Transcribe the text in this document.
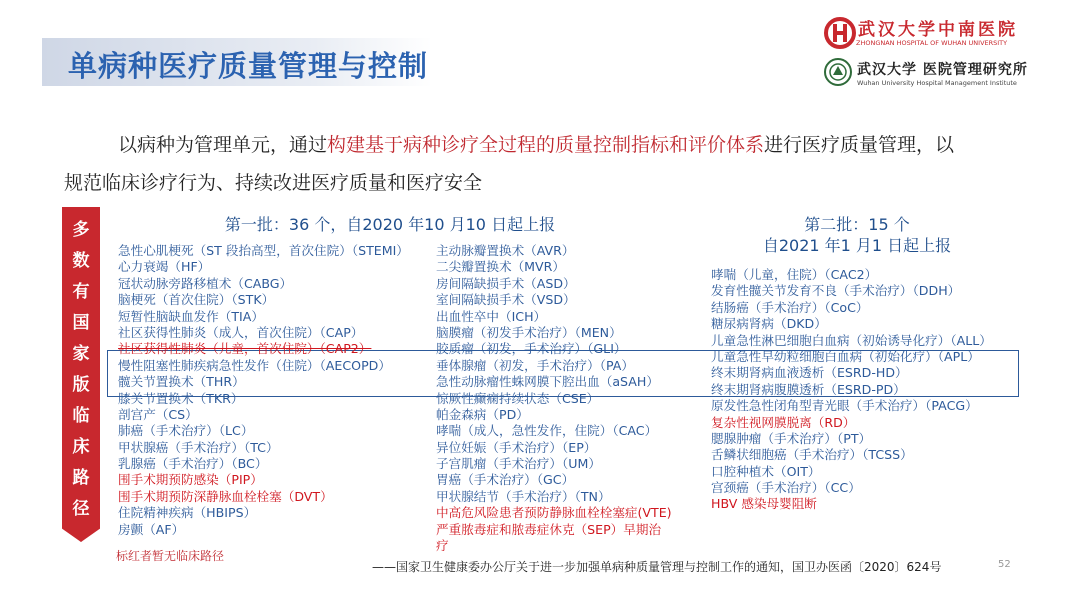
单病种医疗质量管理与控制
武汉大学中南医院
ZHONGNAN HOSPITAL OF WUHAN UNIVERSITY
武汉大学 医院管理研究所
Wuhan University Hospital Management Institute
以病种为管理单元，通过构建基于病种诊疗全过程的质量控制指标和评价体系进行医疗质量管理，以
规范临床诊疗行为、持续改进医疗质量和医疗安全
多
数
有
国
家
版
临
床
路
径
第一批：36 个，自2020 年10 月10 日起上报	第二批：15 个
自2021 年1 月1 日起上报
急性心肌梗死（ST 段抬高型，首次住院）（STEMI）
心力衰竭（HF）
冠状动脉旁路移植术（CABG）
脑梗死（首次住院）（STK）
短暂性脑缺血发作（TIA）
社区获得性肺炎（成人，首次住院）（CAP）
社区获得性肺炎（儿童，首次住院）（CAP2）
慢性阻塞性肺疾病急性发作（住院）（AECOPD）
髋关节置换术（THR）
膝关节置换术（TKR）
剖宫产（CS）
肺癌（手术治疗）（LC）
甲状腺癌（手术治疗）（TC）
乳腺癌（手术治疗）（BC）
围手术期预防感染（PIP）
围手术期预防深静脉血栓栓塞（DVT）
住院精神疾病（HBIPS）
房颤（AF）
主动脉瓣置换术（AVR）
二尖瓣置换术（MVR）
房间隔缺损手术（ASD）
室间隔缺损手术（VSD）
出血性卒中（ICH）
脑膜瘤（初发手术治疗）（MEN）
胶质瘤（初发，手术治疗）（GLI）
垂体腺瘤（初发，手术治疗）（PA）
急性动脉瘤性蛛网膜下腔出血（aSAH）
惊厥性癫痫持续状态（CSE）
帕金森病（PD）
哮喘（成人，急性发作，住院）（CAC）
异位妊娠（手术治疗）（EP）
子宫肌瘤（手术治疗）（UM）
胃癌（手术治疗）（GC）
甲状腺结节（手术治疗）（TN）
中高危风险患者预防静脉血栓栓塞症(VTE)
严重脓毒症和脓毒症休克（SEP）早期治
疗
哮喘（儿童，住院）（CAC2）
发育性髋关节发育不良（手术治疗）（DDH）
结肠癌（手术治疗）（CoC）
糖尿病肾病（DKD）
儿童急性淋巴细胞白血病（初始诱导化疗）（ALL）
儿童急性早幼粒细胞白血病（初始化疗）（APL）
终末期肾病血液透析（ESRD-HD）
终末期肾病腹膜透析（ESRD-PD）
原发性急性闭角型青光眼（手术治疗）（PACG）
复杂性视网膜脱离（RD）
腮腺肿瘤（手术治疗）（PT）
舌鳞状细胞癌（手术治疗）（TCSS）
口腔种植术（OIT）
宫颈癌（手术治疗）（CC）
HBV 感染母婴阻断
标红者暂无临床路径
——国家卫生健康委办公厅关于进一步加强单病种质量管理与控制工作的通知，国卫办医函〔2020〕624号	52
